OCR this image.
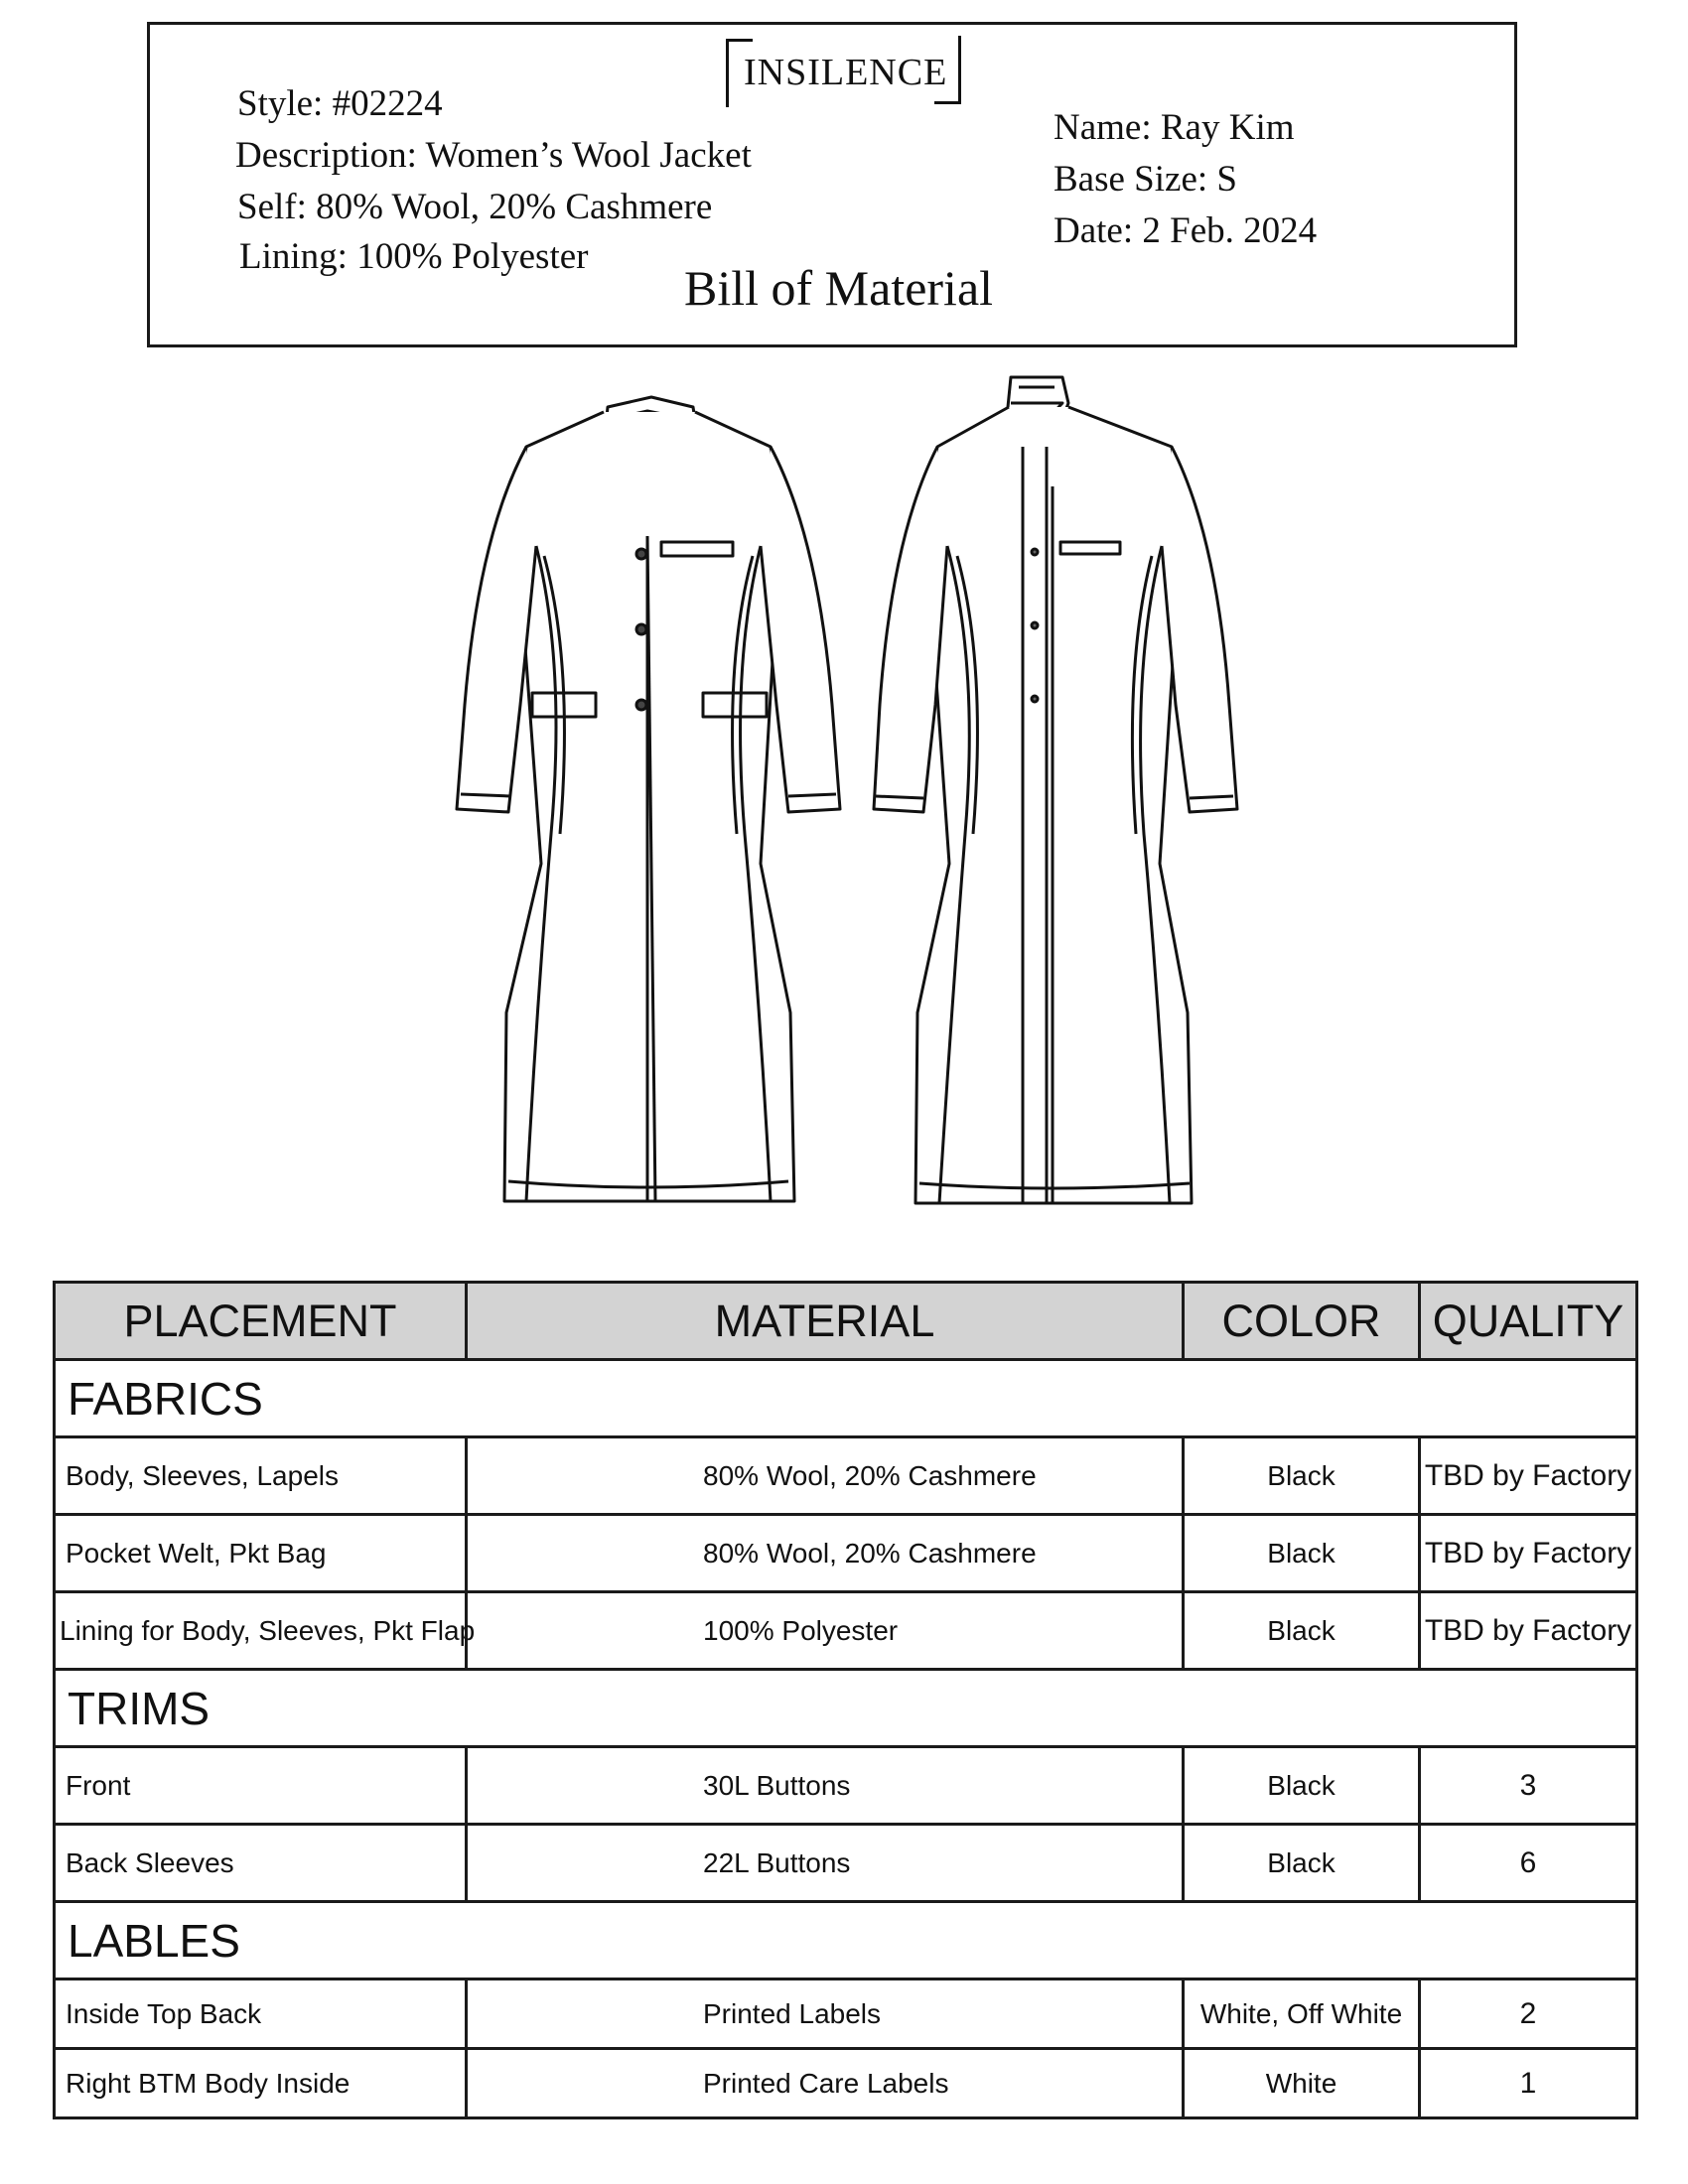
INSILENCE
Style: #02224
Description: Women’s Wool Jacket
Self: 80% Wool, 20% Cashmere
Lining: 100% Polyester
Name: Ray Kim
Base Size: S
Date: 2 Feb. 2024
Bill of Material
PLACEMENT	MATERIAL	COLOR	QUALITY
FABRICS			
Body, Sleeves, Lapels	80% Wool, 20% Cashmere	Black	TBD by Factory
Pocket Welt, Pkt Bag	80% Wool, 20% Cashmere	Black	TBD by Factory
Lining for Body, Sleeves, Pkt Flap	100% Polyester	Black	TBD by Factory
TRIMS			
Front	30L Buttons	Black	3
Back Sleeves	22L Buttons	Black	6
LABLES			
Inside Top Back	Printed Labels	White, Off White	2
Right BTM Body Inside	Printed Care Labels	White	1
